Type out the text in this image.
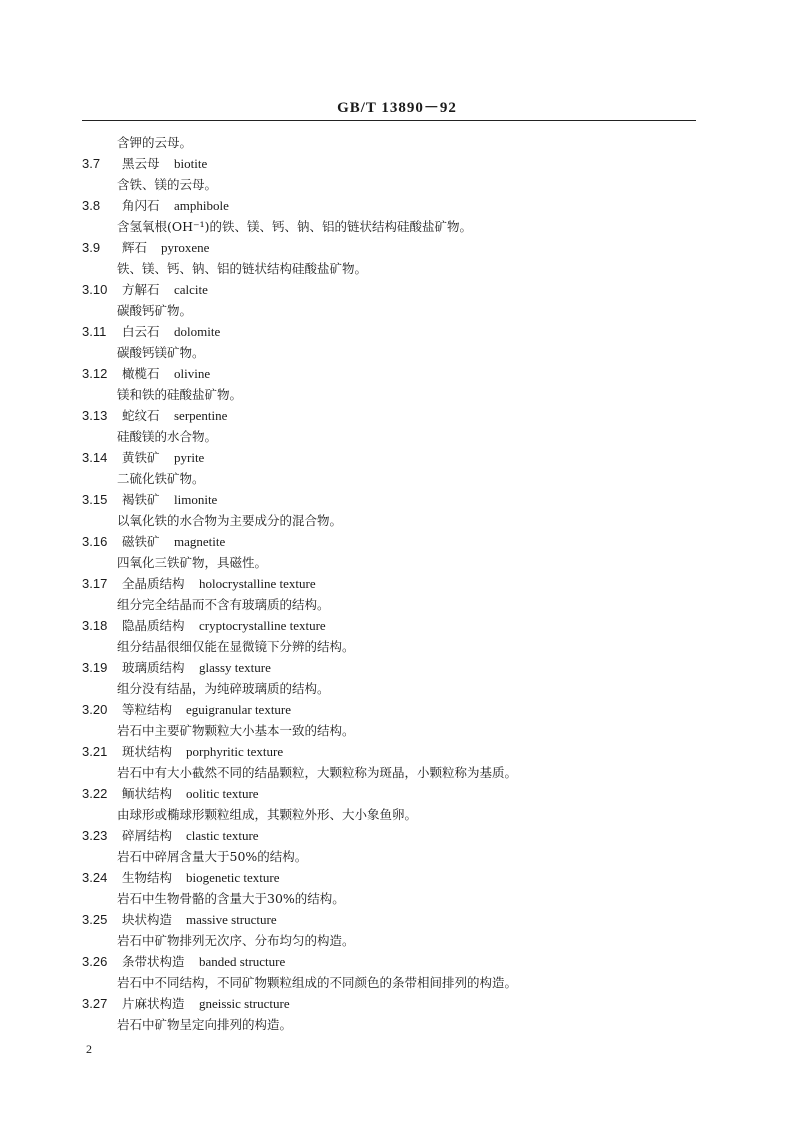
GB/T 13890－92
含钾的云母。
3.7 黑云母 biotite
含铁、镁的云母。
3.8 角闪石 amphibole
含氢氧根(OH⁻¹)的铁、镁、钙、钠、铝的链状结构硅酸盐矿物。
3.9 辉石 pyroxene
铁、镁、钙、钠、铝的链状结构硅酸盐矿物。
3.10 方解石 calcite
碳酸钙矿物。
3.11 白云石 dolomite
碳酸钙镁矿物。
3.12 橄榄石 olivine
镁和铁的硅酸盐矿物。
3.13 蛇纹石 serpentine
硅酸镁的水合物。
3.14 黄铁矿 pyrite
二硫化铁矿物。
3.15 褐铁矿 limonite
以氧化铁的水合物为主要成分的混合物。
3.16 磁铁矿 magnetite
四氧化三铁矿物，具磁性。
3.17 全晶质结构 holocrystalline texture
组分完全结晶而不含有玻璃质的结构。
3.18 隐晶质结构 cryptocrystalline texture
组分结晶很细仅能在显微镜下分辨的结构。
3.19 玻璃质结构 glassy texture
组分没有结晶，为纯碎玻璃质的结构。
3.20 等粒结构 eguigranular texture
岩石中主要矿物颗粒大小基本一致的结构。
3.21 斑状结构 porphyritic texture
岩石中有大小截然不同的结晶颗粒，大颗粒称为斑晶，小颗粒称为基质。
3.22 鲕状结构 oolitic texture
由球形或椭球形颗粒组成，其颗粒外形、大小象鱼卵。
3.23 碎屑结构 clastic texture
岩石中碎屑含量大于50%的结构。
3.24 生物结构 biogenetic texture
岩石中生物骨骼的含量大于30%的结构。
3.25 块状构造 massive structure
岩石中矿物排列无次序、分布均匀的构造。
3.26 条带状构造 banded structure
岩石中不同结构，不同矿物颗粒组成的不同颜色的条带相间排列的构造。
3.27 片麻状构造 gneissic structure
岩石中矿物呈定向排列的构造。
2
